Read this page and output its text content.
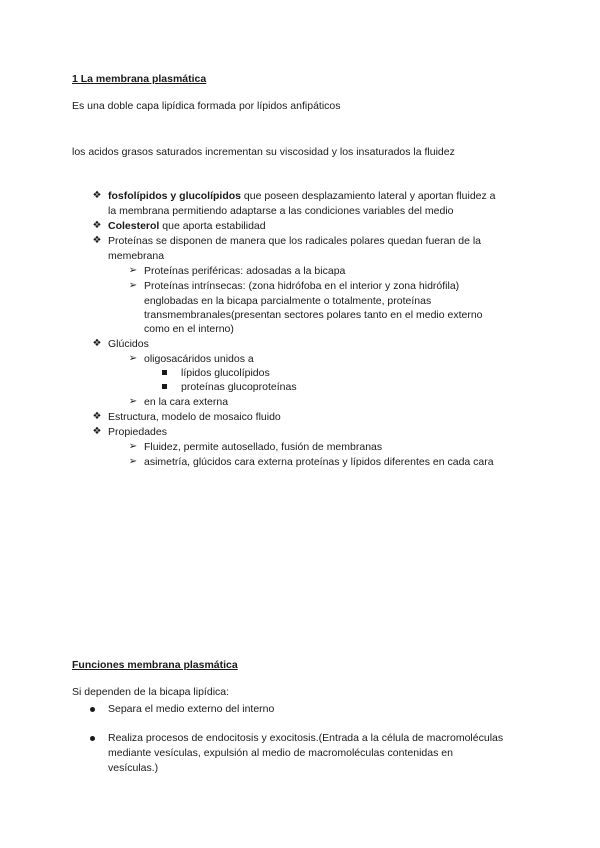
1 La membrana plasmática
Es una doble capa lipídica formada por lípidos anfipáticos
los acidos grasos saturados incrementan su viscosidad y los insaturados la fluidez
❖ fosfolípidos y glucolípidos que poseen desplazamiento lateral y aportan fluidez a
la membrana permitiendo adaptarse a las condiciones variables del medio
❖ Colesterol que aporta estabilidad
❖ Proteínas se disponen de manera que los radicales polares quedan fueran de la
memebrana
➢ Proteínas periféricas: adosadas a la bicapa
➢ Proteínas intrínsecas: (zona hidrófoba en el interior y zona hidrófila)
englobadas en la bicapa parcialmente o totalmente, proteínas
transmembranales(presentan sectores polares tanto en el medio externo
como en el interno)
❖ Glúcidos
➢ oligosacáridos unidos a
lípidos glucolípidos
proteínas glucoproteínas
➢ en la cara externa
❖ Estructura, modelo de mosaico fluido
❖ Propiedades
➢ Fluidez, permite autosellado, fusión de membranas
➢ asimetría, glúcidos cara externa proteínas y lípidos diferentes en cada cara
Funciones membrana plasmática
Si dependen de la bicapa lipídica:
Separa el medio externo del interno
Realiza procesos de endocitosis y exocitosis.(Entrada a la célula de macromoléculas
mediante vesículas, expulsión al medio de macromoléculas contenidas en
vesículas.)
